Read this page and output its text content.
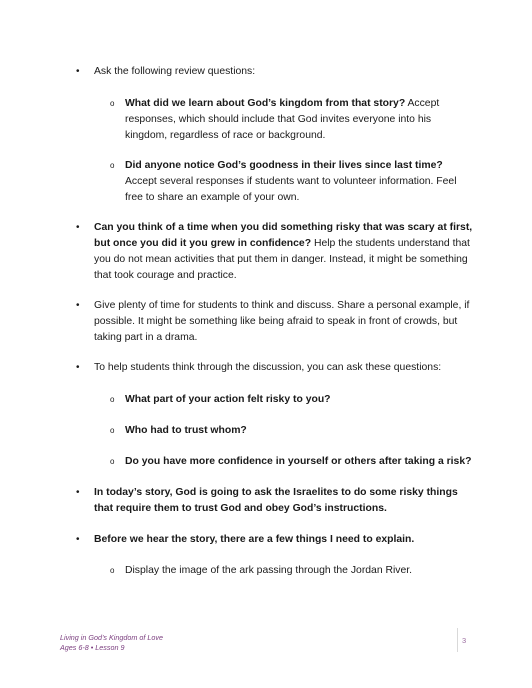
• Ask the following review questions:
o What did we learn about God’s kingdom from that story? Accept responses, which should include that God invites everyone into his kingdom, regardless of race or background.
o Did anyone notice God’s goodness in their lives since last time? Accept several responses if students want to volunteer information. Feel free to share an example of your own.
• Can you think of a time when you did something risky that was scary at first, but once you did it you grew in confidence? Help the students understand that you do not mean activities that put them in danger. Instead, it might be something that took courage and practice.
• Give plenty of time for students to think and discuss. Share a personal example, if possible. It might be something like being afraid to speak in front of crowds, but taking part in a drama.
• To help students think through the discussion, you can ask these questions:
o What part of your action felt risky to you?
o Who had to trust whom?
o Do you have more confidence in yourself or others after taking a risk?
• In today’s story, God is going to ask the Israelites to do some risky things that require them to trust God and obey God’s instructions.
• Before we hear the story, there are a few things I need to explain.
o Display the image of the ark passing through the Jordan River.
Living in God’s Kingdom of Love
Ages 6-8 • Lesson 9
3
